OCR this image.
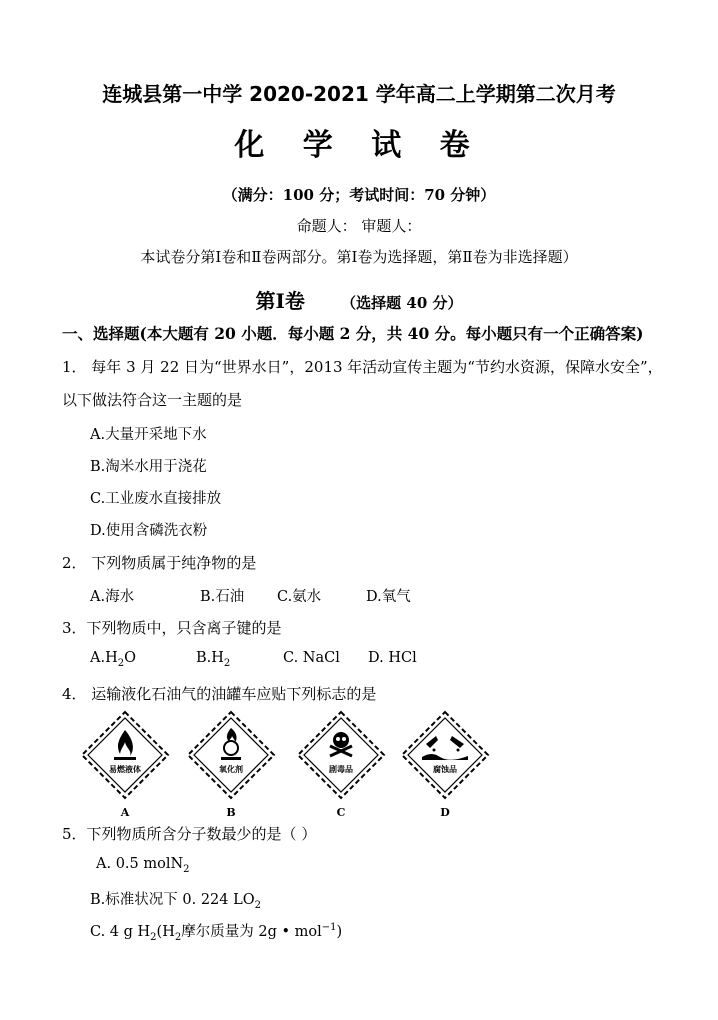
连城县第一中学 2020-2021 学年高二上学期第二次月考
化 学 试 卷
（满分：100 分；考试时间：70 分钟）
命题人： 审题人：
本试卷分第Ⅰ卷和Ⅱ卷两部分。第Ⅰ卷为选择题，第Ⅱ卷为非选择题）
第Ⅰ卷 （选择题 40 分）
一、选择题(本大题有 20 小题．每小题 2 分，共 40 分。每小题只有一个正确答案)
1． 每年 3 月 22 日为“世界水日”，2013 年活动宣传主题为“节约水资源，保障水安全”，
以下做法符合这一主题的是
A.大量开采地下水
B.淘米水用于浇花
C.工业废水直接排放
D.使用含磷洗衣粉
2． 下列物质属于纯净物的是
A.海水	B.石油 C.氨水	D.氧气
3．下列物质中，只含离子键的是
$A.H_2O$	$B.H_2$	C. NaCl D. HCl
4． 运输液化石油气的油罐车应贴下列标志的是
易燃液体
A
氧化剂
B
剧毒品
C
腐蚀品
D
5．下列物质所含分子数最少的是（ ）
A. 0.5 molN$_2$
B.标准状况下 0. 224 $LO_2$
C. 4 g $H_2(H_2$摩尔质量为 2g • mol$^{-1}$)
